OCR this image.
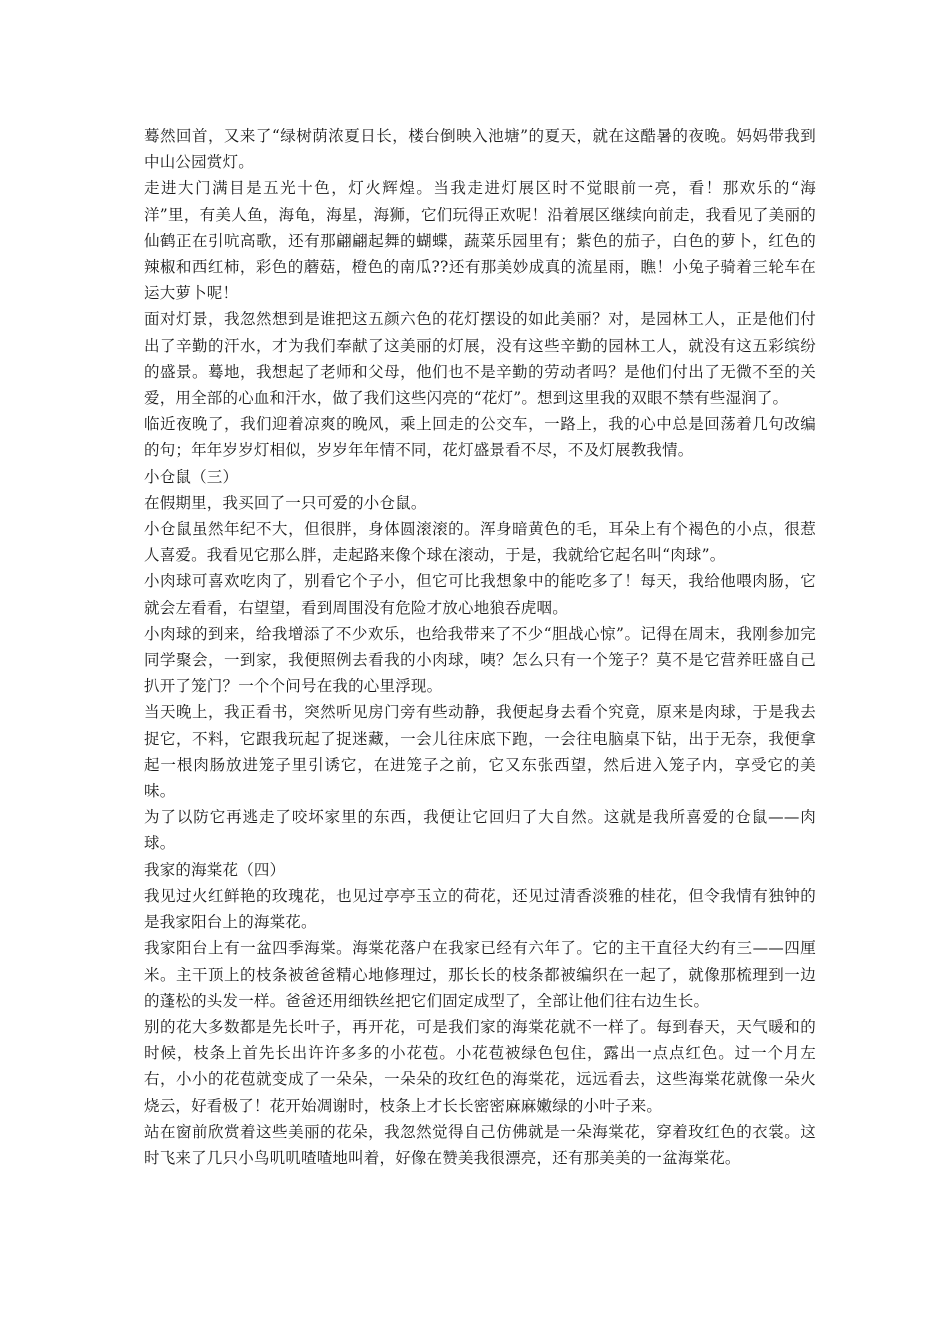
蓦然回首，又来了“绿树荫浓夏日长，楼台倒映入池塘”的夏天，就在这酷暑的夜晚。妈妈带我到中山公园赏灯。

走进大门满目是五光十色，灯火辉煌。当我走进灯展区时不觉眼前一亮，看！那欢乐的“海洋”里，有美人鱼，海龟，海星，海狮，它们玩得正欢呢！沿着展区继续向前走，我看见了美丽的仙鹤正在引吭高歌，还有那翩翩起舞的蝴蝶，蔬菜乐园里有；紫色的茄子，白色的萝卜，红色的辣椒和西红柿，彩色的蘑菇，橙色的南瓜??还有那美妙成真的流星雨，瞧！小兔子骑着三轮车在运大萝卜呢！

面对灯景，我忽然想到是谁把这五颜六色的花灯摆设的如此美丽？对，是园林工人，正是他们付出了辛勤的汗水，才为我们奉献了这美丽的灯展，没有这些辛勤的园林工人，就没有这五彩缤纷的盛景。蓦地，我想起了老师和父母，他们也不是辛勤的劳动者吗？是他们付出了无微不至的关爱，用全部的心血和汗水，做了我们这些闪亮的“花灯”。想到这里我的双眼不禁有些湿润了。

临近夜晚了，我们迎着凉爽的晚风，乘上回走的公交车，一路上，我的心中总是回荡着几句改编的句；年年岁岁灯相似，岁岁年年情不同，花灯盛景看不尽，不及灯展教我情。

小仓鼠（三）

在假期里，我买回了一只可爱的小仓鼠。

小仓鼠虽然年纪不大，但很胖，身体圆滚滚的。浑身暗黄色的毛，耳朵上有个褐色的小点，很惹人喜爱。我看见它那么胖，走起路来像个球在滚动，于是，我就给它起名叫“肉球”。

小肉球可喜欢吃肉了，别看它个子小，但它可比我想象中的能吃多了！每天，我给他喂肉肠，它就会左看看，右望望，看到周围没有危险才放心地狼吞虎咽。

小肉球的到来，给我增添了不少欢乐，也给我带来了不少“胆战心惊”。记得在周末，我刚参加完同学聚会，一到家，我便照例去看我的小肉球，咦？怎么只有一个笼子？莫不是它营养旺盛自己扒开了笼门？一个个问号在我的心里浮现。

当天晚上，我正看书，突然听见房门旁有些动静，我便起身去看个究竟，原来是肉球，于是我去捉它，不料，它跟我玩起了捉迷藏，一会儿往床底下跑，一会往电脑桌下钻，出于无奈，我便拿起一根肉肠放进笼子里引诱它，在进笼子之前，它又东张西望，然后进入笼子内，享受它的美味。

为了以防它再逃走了咬坏家里的东西，我便让它回归了大自然。这就是我所喜爱的仓鼠——肉球。

我家的海棠花（四）

我见过火红鲜艳的玫瑰花，也见过亭亭玉立的荷花，还见过清香淡雅的桂花，但令我情有独钟的是我家阳台上的海棠花。

我家阳台上有一盆四季海棠。海棠花落户在我家已经有六年了。它的主干直径大约有三——四厘米。主干顶上的枝条被爸爸精心地修理过，那长长的枝条都被编织在一起了，就像那梳理到一边的蓬松的头发一样。爸爸还用细铁丝把它们固定成型了，全部让他们往右边生长。

别的花大多数都是先长叶子，再开花，可是我们家的海棠花就不一样了。每到春天，天气暖和的时候，枝条上首先长出许许多多的小花苞。小花苞被绿色包住，露出一点点红色。过一个月左右，小小的花苞就变成了一朵朵，一朵朵的玫红色的海棠花，远远看去，这些海棠花就像一朵火烧云，好看极了！花开始凋谢时，枝条上才长长密密麻麻嫩绿的小叶子来。

站在窗前欣赏着这些美丽的花朵，我忽然觉得自己仿佛就是一朵海棠花，穿着玫红色的衣裳。这时飞来了几只小鸟叽叽喳喳地叫着，好像在赞美我很漂亮，还有那美美的一盆海棠花。
